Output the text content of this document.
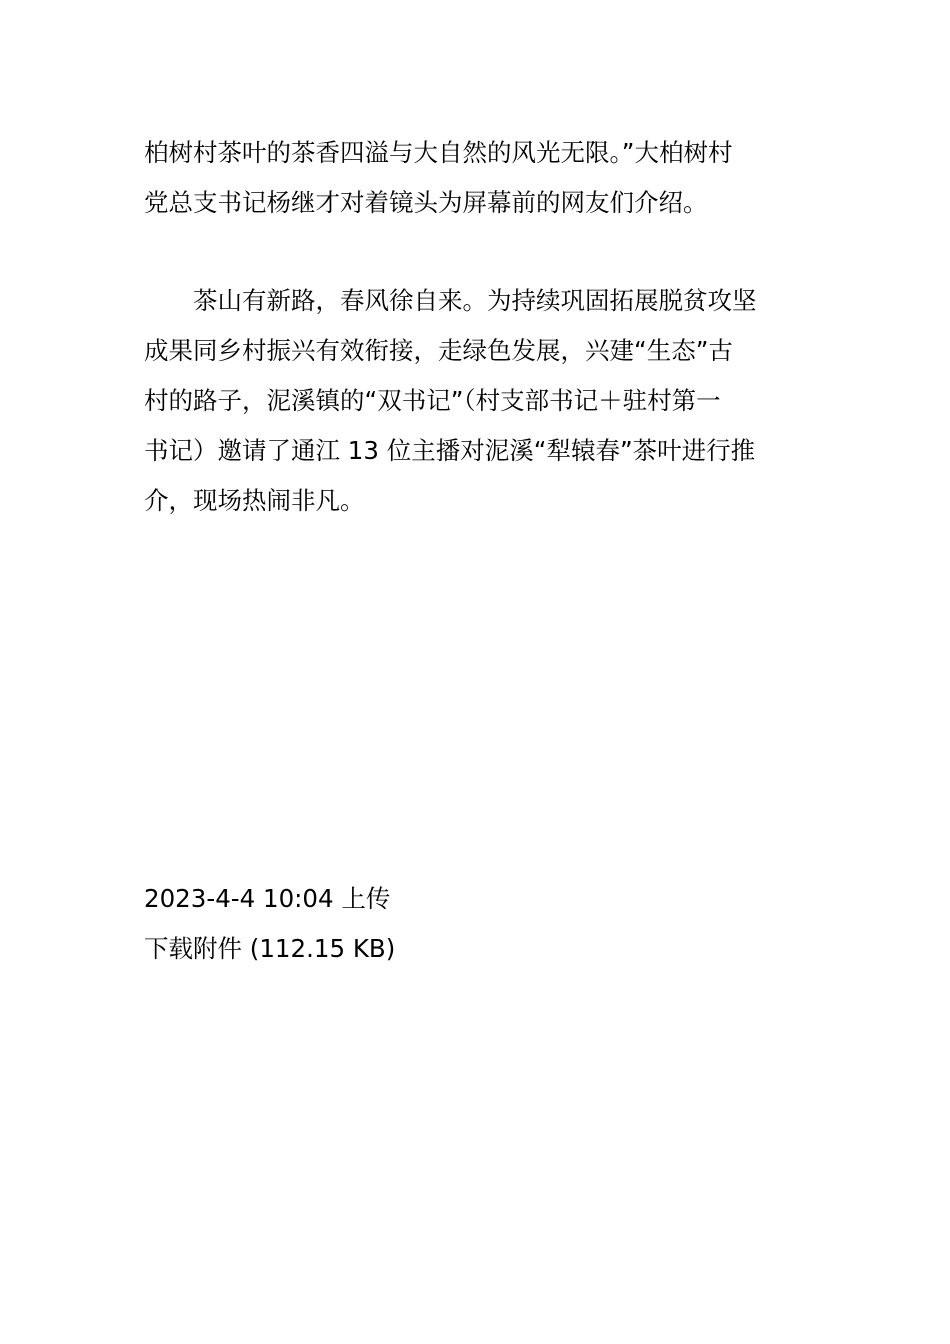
柏树村茶叶的茶香四溢与大自然的风光无限。”大柏树村
党总支书记杨继才对着镜头为屏幕前的网友们介绍。
　　茶山有新路，春风徐自来。为持续巩固拓展脱贫攻坚
成果同乡村振兴有效衔接，走绿色发展，兴建“生态”古
村的路子，泥溪镇的“双书记”（村支部书记＋驻村第一
书记）邀请了通江 13 位主播对泥溪“犁辕春”茶叶进行推
介，现场热闹非凡。
2023-4-4 10:04 上传
下载附件 (112.15 KB)
